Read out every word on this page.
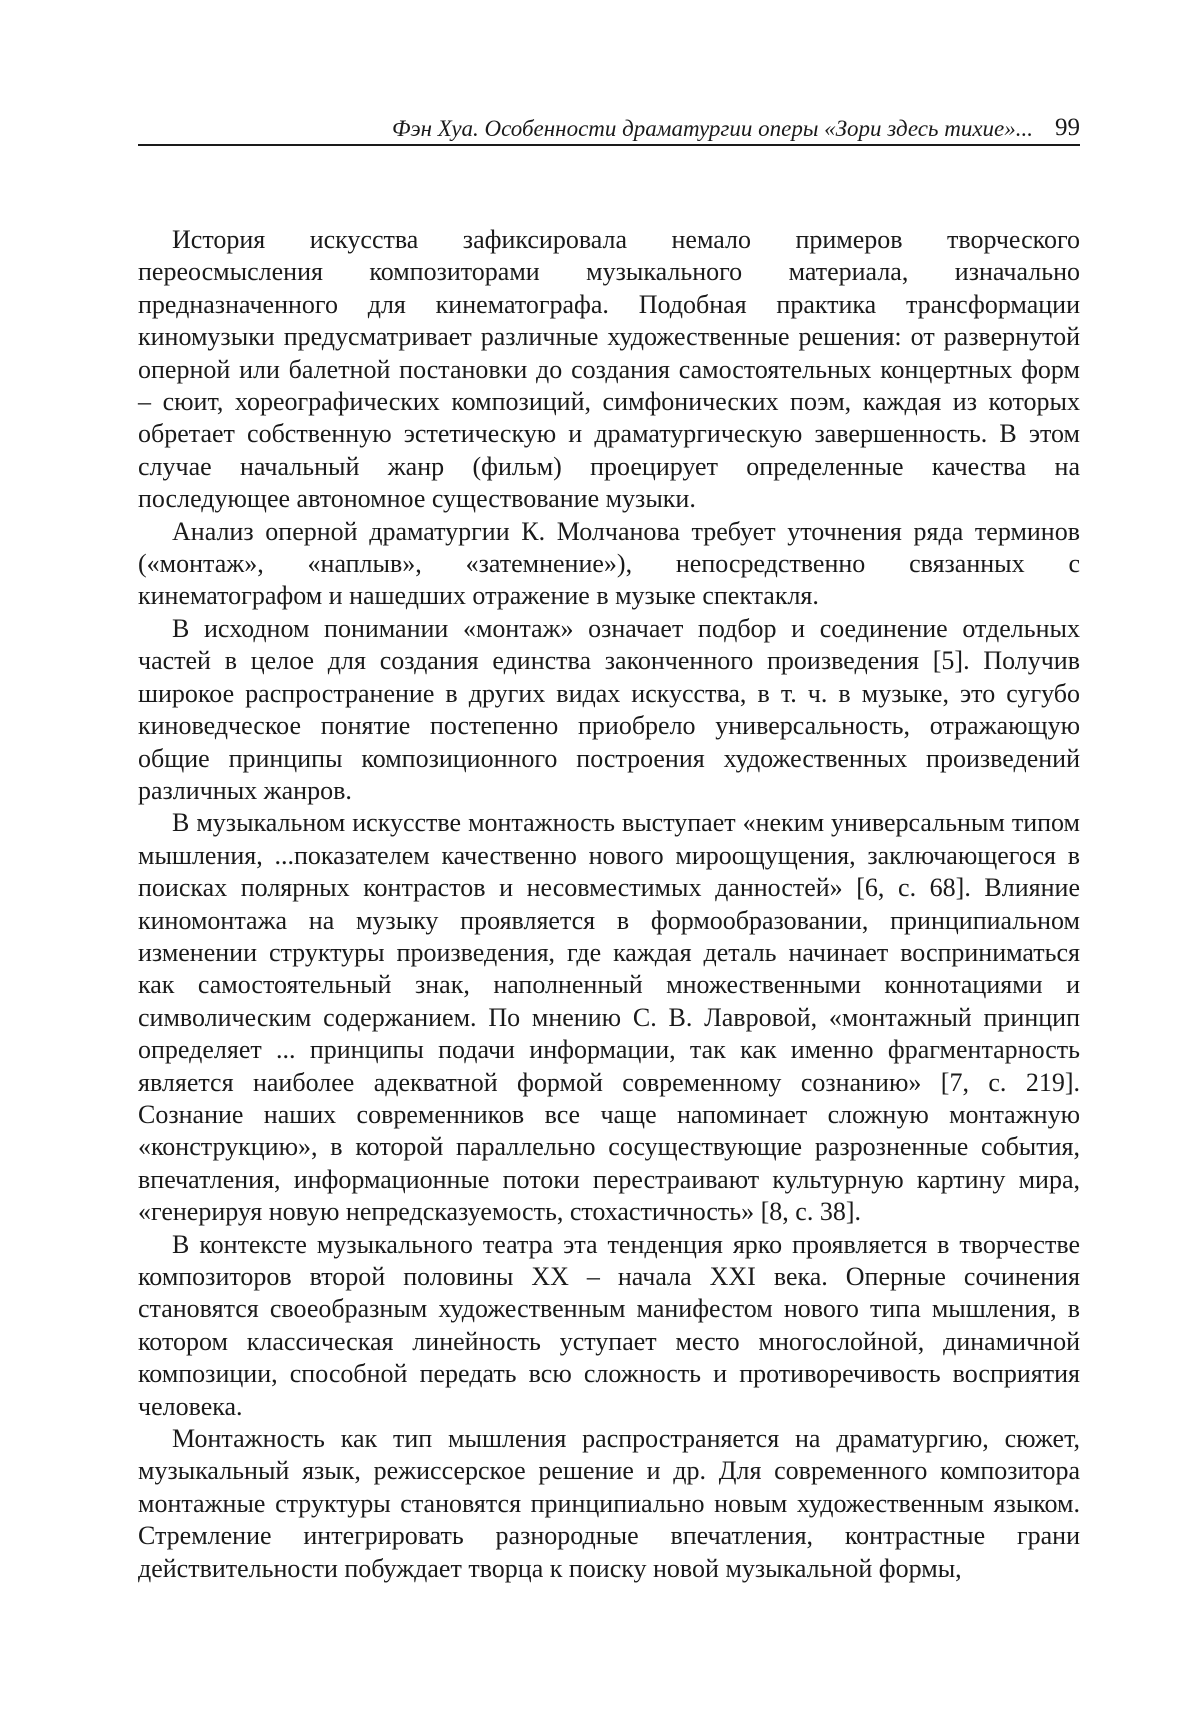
Фэн Хуа. Особенности драматургии оперы «Зори здесь тихие»... 99

История искусства зафиксировала немало примеров творческого переосмысления композиторами музыкального материала, изначально предназначенного для кинематографа. Подобная практика трансформации киномузыки предусматривает различные художественные решения: от развернутой оперной или балетной постановки до создания самостоятельных концертных форм – сюит, хореографических композиций, симфонических поэм, каждая из которых обретает собственную эстетическую и драматургическую завершенность. В этом случае начальный жанр (фильм) проецирует определенные качества на последующее автономное существование музыки.

Анализ оперной драматургии К. Молчанова требует уточнения ряда терминов («монтаж», «наплыв», «затемнение»), непосредственно связанных с кинематографом и нашедших отражение в музыке спектакля.

В исходном понимании «монтаж» означает подбор и соединение отдельных частей в целое для создания единства законченного произведения [5]. Получив широкое распространение в других видах искусства, в т. ч. в музыке, это сугубо киноведческое понятие постепенно приобрело универсальность, отражающую общие принципы композиционного построения художественных произведений различных жанров.

В музыкальном искусстве монтажность выступает «неким универсальным типом мышления, ...показателем качественно нового мироощущения, заключающегося в поисках полярных контрастов и несовместимых данностей» [6, с. 68]. Влияние киномонтажа на музыку проявляется в формообразовании, принципиальном изменении структуры произведения, где каждая деталь начинает восприниматься как самостоятельный знак, наполненный множественными коннотациями и символическим содержанием. По мнению С. В. Лавровой, «монтажный принцип определяет ... принципы подачи информации, так как именно фрагментарность является наиболее адекватной формой современному сознанию» [7, с. 219]. Сознание наших современников все чаще напоминает сложную монтажную «конструкцию», в которой параллельно сосуществующие разрозненные события, впечатления, информационные потоки перестраивают культурную картину мира, «генерируя новую непредсказуемость, стохастичность» [8, с. 38].

В контексте музыкального театра эта тенденция ярко проявляется в творчестве композиторов второй половины XX – начала XXI века. Оперные сочинения становятся своеобразным художественным манифестом нового типа мышления, в котором классическая линейность уступает место многослойной, динамичной композиции, способной передать всю сложность и противоречивость восприятия человека.

Монтажность как тип мышления распространяется на драматургию, сюжет, музыкальный язык, режиссерское решение и др. Для современного композитора монтажные структуры становятся принципиально новым художественным языком. Стремление интегрировать разнородные впечатления, контрастные грани действительности побуждает творца к поиску новой музыкальной формы,
